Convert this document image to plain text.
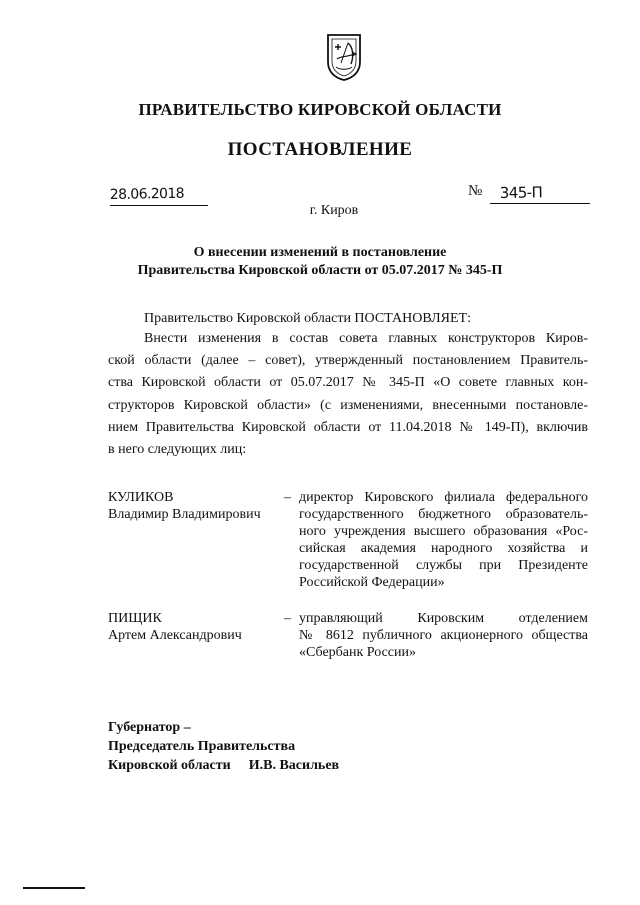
ПРАВИТЕЛЬСТВО КИРОВСКОЙ ОБЛАСТИ
ПОСТАНОВЛЕНИЕ
28.06.2018	№ 345-П
г. Киров
О внесении изменений в постановление
Правительства Кировской области от 05.07.2017 № 345-П
Правительство Кировской области ПОСТАНОВЛЯЕТ:
Внести изменения в состав совета главных конструкторов Киров-
ской области (далее – совет), утвержденный постановлением Правитель-
ства Кировской области от 05.07.2017 № 345-П «О совете главных кон-
структоров Кировской области» (с изменениями, внесенными постановле-
нием Правительства Кировской области от 11.04.2018 № 149-П), включив
в него следующих лиц:
КУЛИКОВ
Владимир Владимирович
– директор Кировского филиала федерального
государственного бюджетного образователь-
ного учреждения высшего образования «Рос-
сийская академия народного хозяйства и
государственной службы при Президенте
Российской Федерации»
ПИЩИК
Артем Александрович
– управляющий Кировским отделением
№ 8612 публичного акционерного общества
«Сбербанк России»
Губернатор –
Председатель Правительства
Кировской области И.В. Васильев
